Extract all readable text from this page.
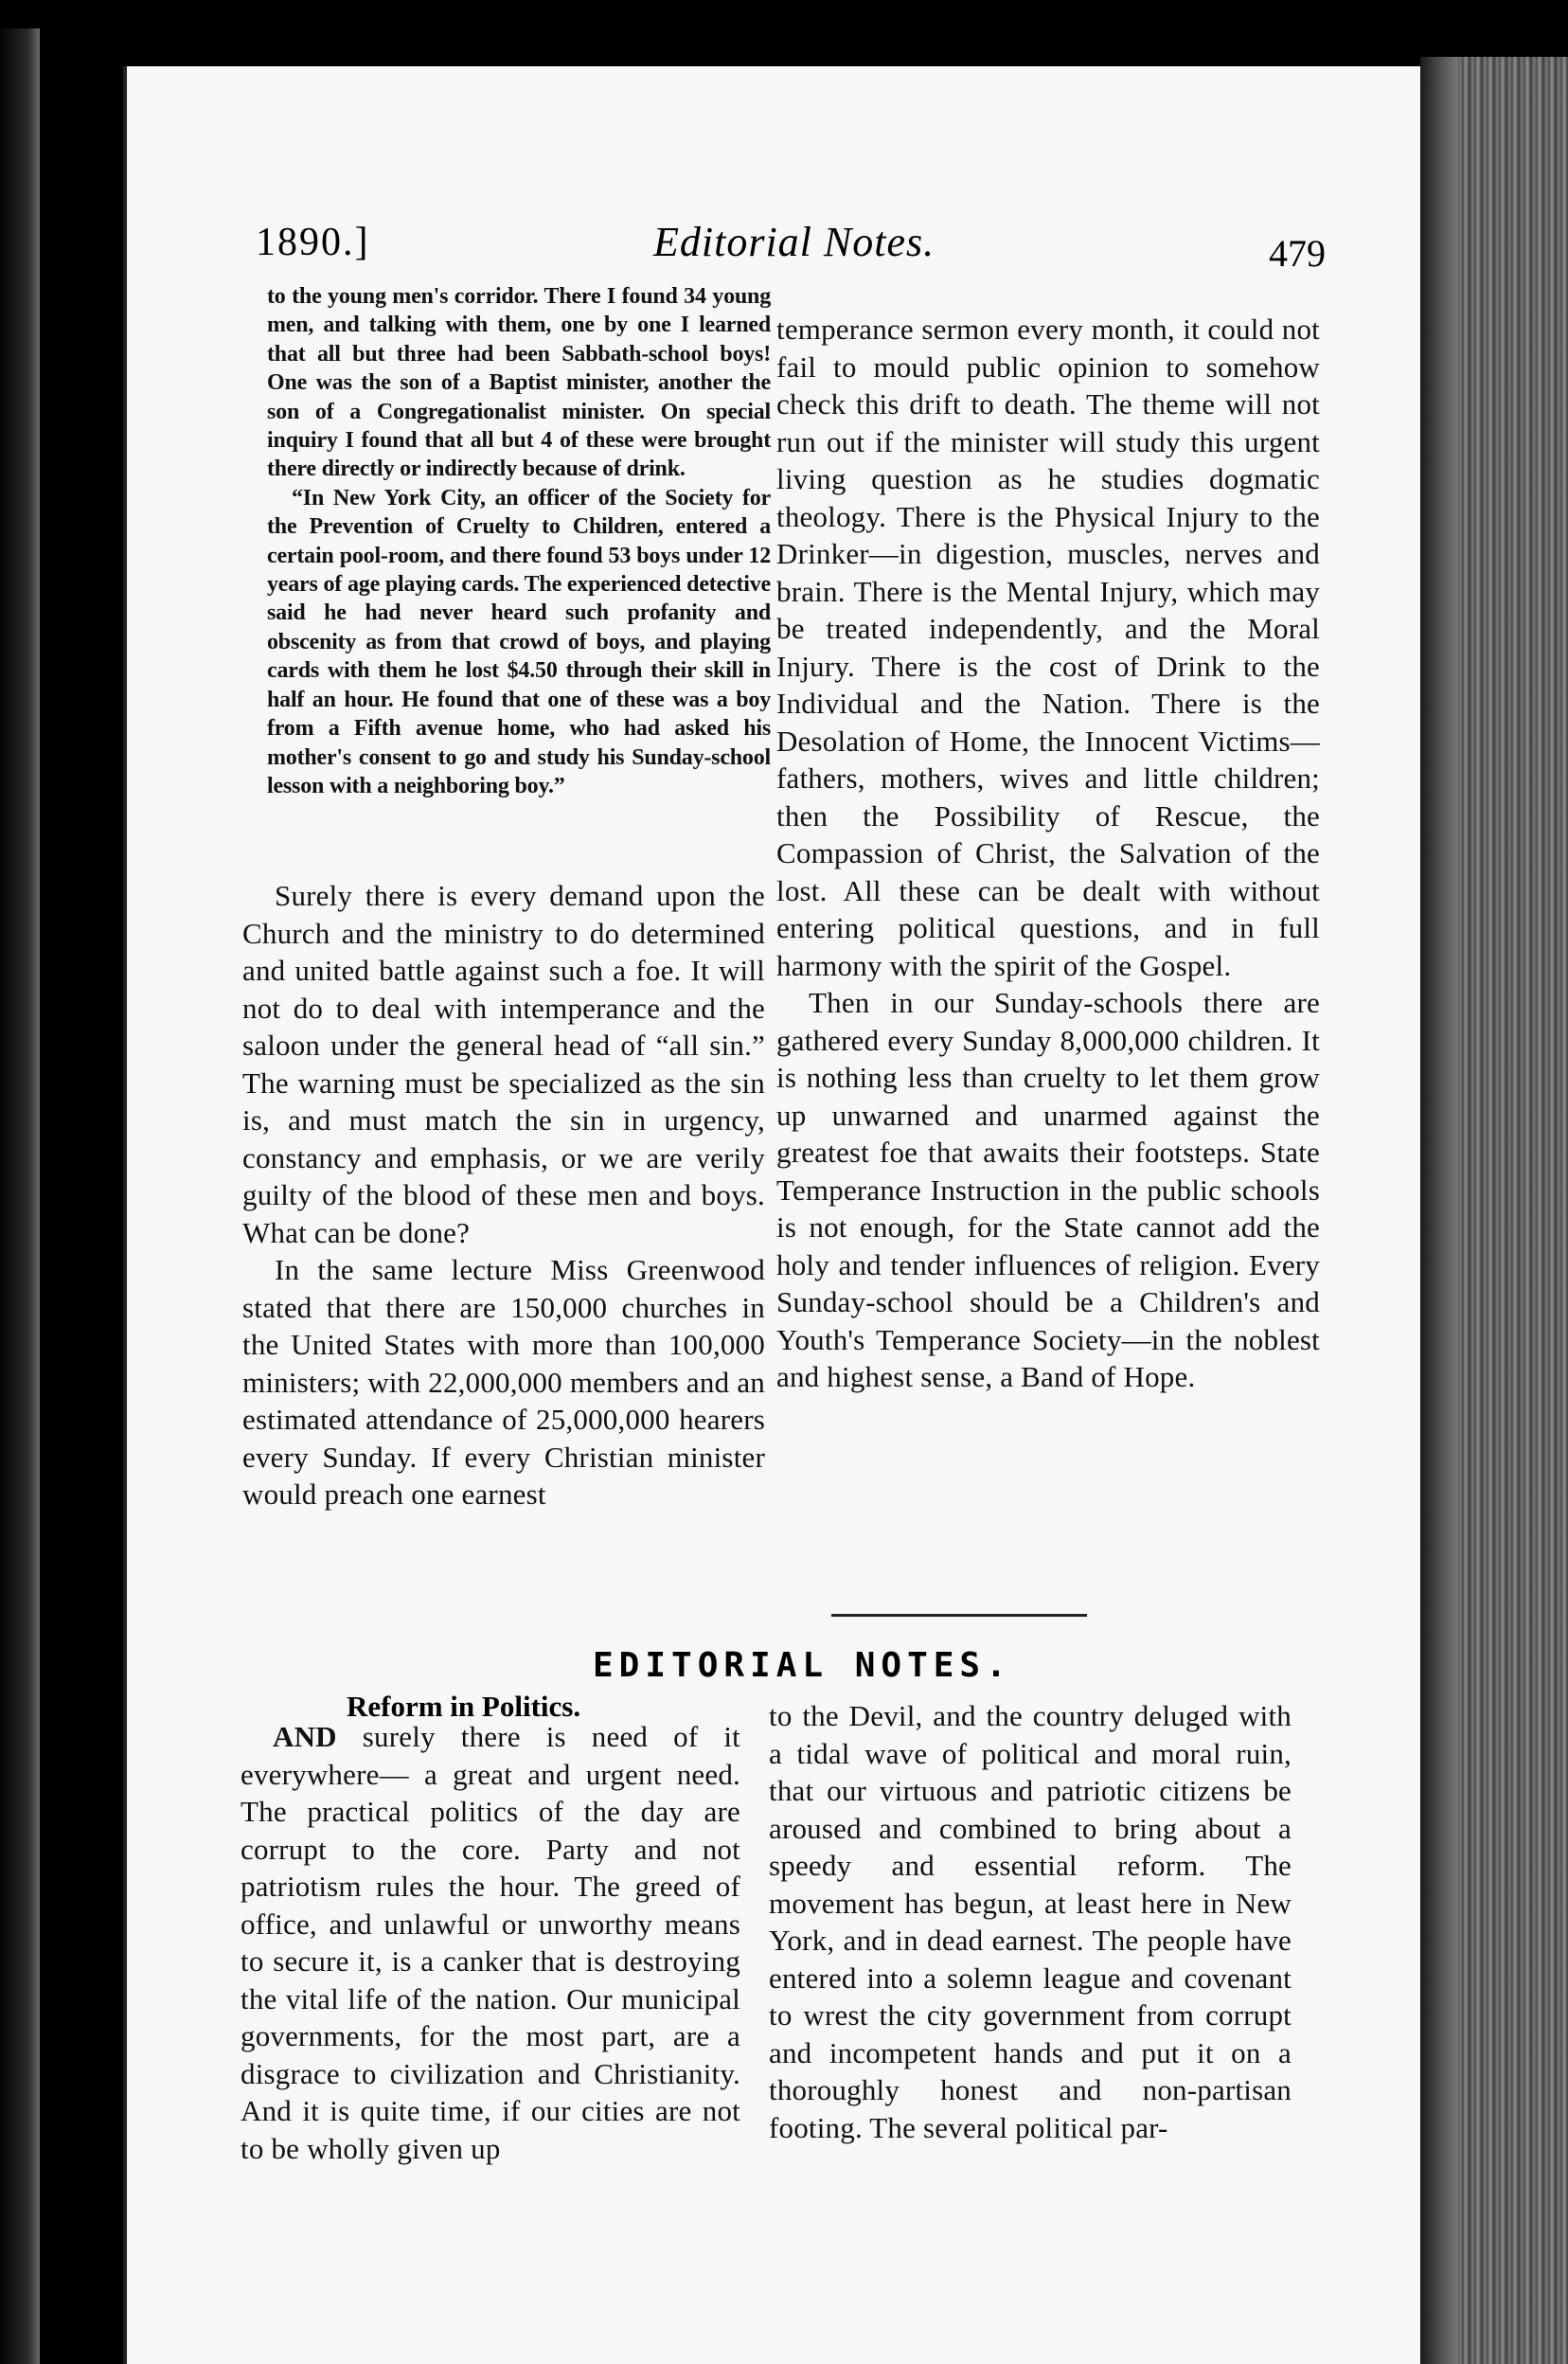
1890.]	Editorial Notes.	479

to the young men's corridor. There I found 34 young men, and talking with them, one by one I learned that all but three had been Sabbath-school boys! One was the son of a Baptist minister, another the son of a Congregationalist minister. On special inquiry I found that all but 4 of these were brought there directly or indirectly because of drink.

“In New York City, an officer of the Society for the Prevention of Cruelty to Children, entered a certain pool-room, and there found 53 boys under 12 years of age playing cards. The experienced detective said he had never heard such profanity and obscenity as from that crowd of boys, and playing cards with them he lost $4.50 through their skill in half an hour. He found that one of these was a boy from a Fifth avenue home, who had asked his mother's consent to go and study his Sunday-school lesson with a neighboring boy.”

Surely there is every demand upon the Church and the ministry to do determined and united battle against such a foe. It will not do to deal with intemperance and the saloon under the general head of “all sin.” The warning must be specialized as the sin is, and must match the sin in urgency, constancy and emphasis, or we are verily guilty of the blood of these men and boys. What can be done?

In the same lecture Miss Greenwood stated that there are 150,000 churches in the United States with more than 100,000 ministers; with 22,000,000 members and an estimated attendance of 25,000,000 hearers every Sunday. If every Christian minister would preach one earnest

temperance sermon every month, it could not fail to mould public opinion to somehow check this drift to death. The theme will not run out if the minister will study this urgent living question as he studies dogmatic theology. There is the Physical Injury to the Drinker—in digestion, muscles, nerves and brain. There is the Mental Injury, which may be treated independently, and the Moral Injury. There is the cost of Drink to the Individual and the Nation. There is the Desolation of Home, the Innocent Victims—fathers, mothers, wives and little children; then the Possibility of Rescue, the Compassion of Christ, the Salvation of the lost. All these can be dealt with without entering political questions, and in full harmony with the spirit of the Gospel.

Then in our Sunday-schools there are gathered every Sunday 8,000,000 children. It is nothing less than cruelty to let them grow up unwarned and unarmed against the greatest foe that awaits their footsteps. State Temperance Instruction in the public schools is not enough, for the State cannot add the holy and tender influences of religion. Every Sunday-school should be a Children's and Youth's Temperance Society—in the noblest and highest sense, a Band of Hope.

EDITORIAL NOTES.
Reform in Politics.

AND surely there is need of it everywhere— a great and urgent need. The practical politics of the day are corrupt to the core. Party and not patriotism rules the hour. The greed of office, and unlawful or unworthy means to secure it, is a canker that is destroying the vital life of the nation. Our municipal governments, for the most part, are a disgrace to civilization and Christianity. And it is quite time, if our cities are not to be wholly given up

to the Devil, and the country deluged with a tidal wave of political and moral ruin, that our virtuous and patriotic citizens be aroused and combined to bring about a speedy and essential reform. The movement has begun, at least here in New York, and in dead earnest. The people have entered into a solemn league and covenant to wrest the city government from corrupt and incompetent hands and put it on a thoroughly honest and non-partisan footing. The several political par-
